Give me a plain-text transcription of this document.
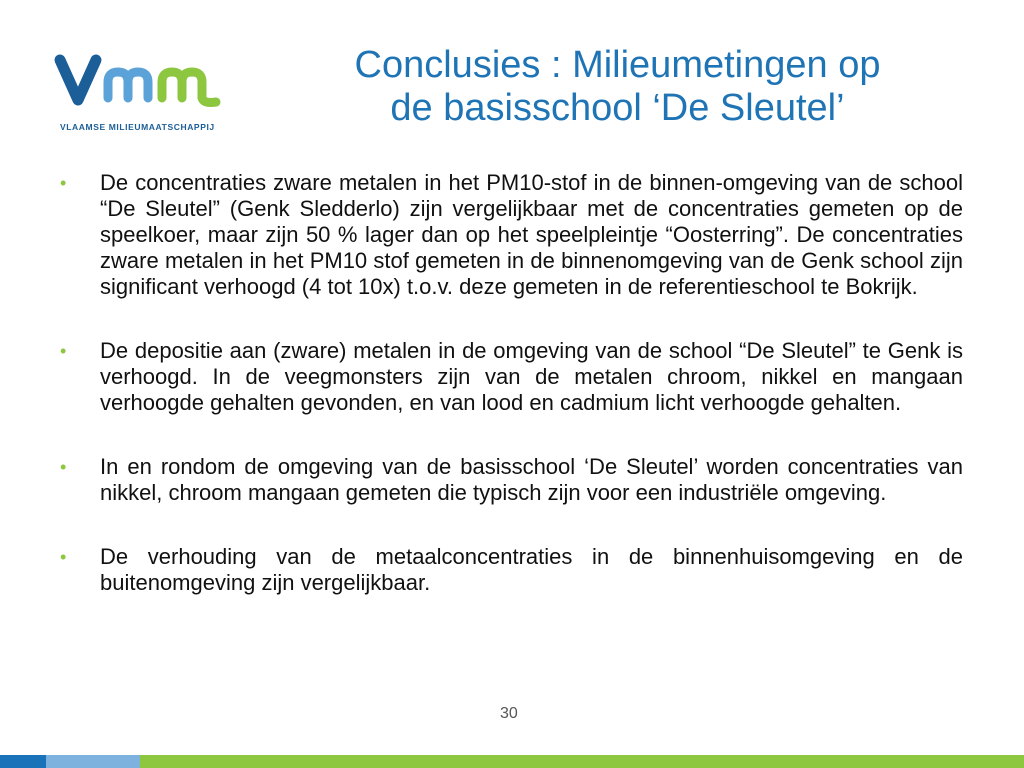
VLAAMSE MILIEUMAATSCHAPPIJ
Conclusies : Milieumetingen op
de basisschool ‘De Sleutel’
•	De concentraties zware metalen in het PM10-stof in de binnen-omgeving van de school “De Sleutel” (Genk Sledderlo) zijn vergelijkbaar met de concentraties gemeten op de speelkoer, maar zijn 50 % lager dan op het speelpleintje “Oosterring”. De concentraties zware metalen in het PM10 stof gemeten in de binnenomgeving van de Genk school zijn significant verhoogd (4 tot 10x) t.o.v. deze gemeten in de referentieschool te Bokrijk.
•	De depositie aan (zware) metalen in de omgeving van de school “De Sleutel” te Genk is verhoogd. In de veegmonsters zijn van de metalen chroom, nikkel en mangaan verhoogde gehalten gevonden, en van lood en cadmium licht verhoogde gehalten.
•	In en rondom de omgeving van de basisschool ‘De Sleutel’ worden concentraties van nikkel, chroom mangaan gemeten die typisch zijn voor een industriële omgeving.
•	De verhouding van de metaalconcentraties in de binnenhuisomgeving en de buitenomgeving zijn vergelijkbaar.
30
